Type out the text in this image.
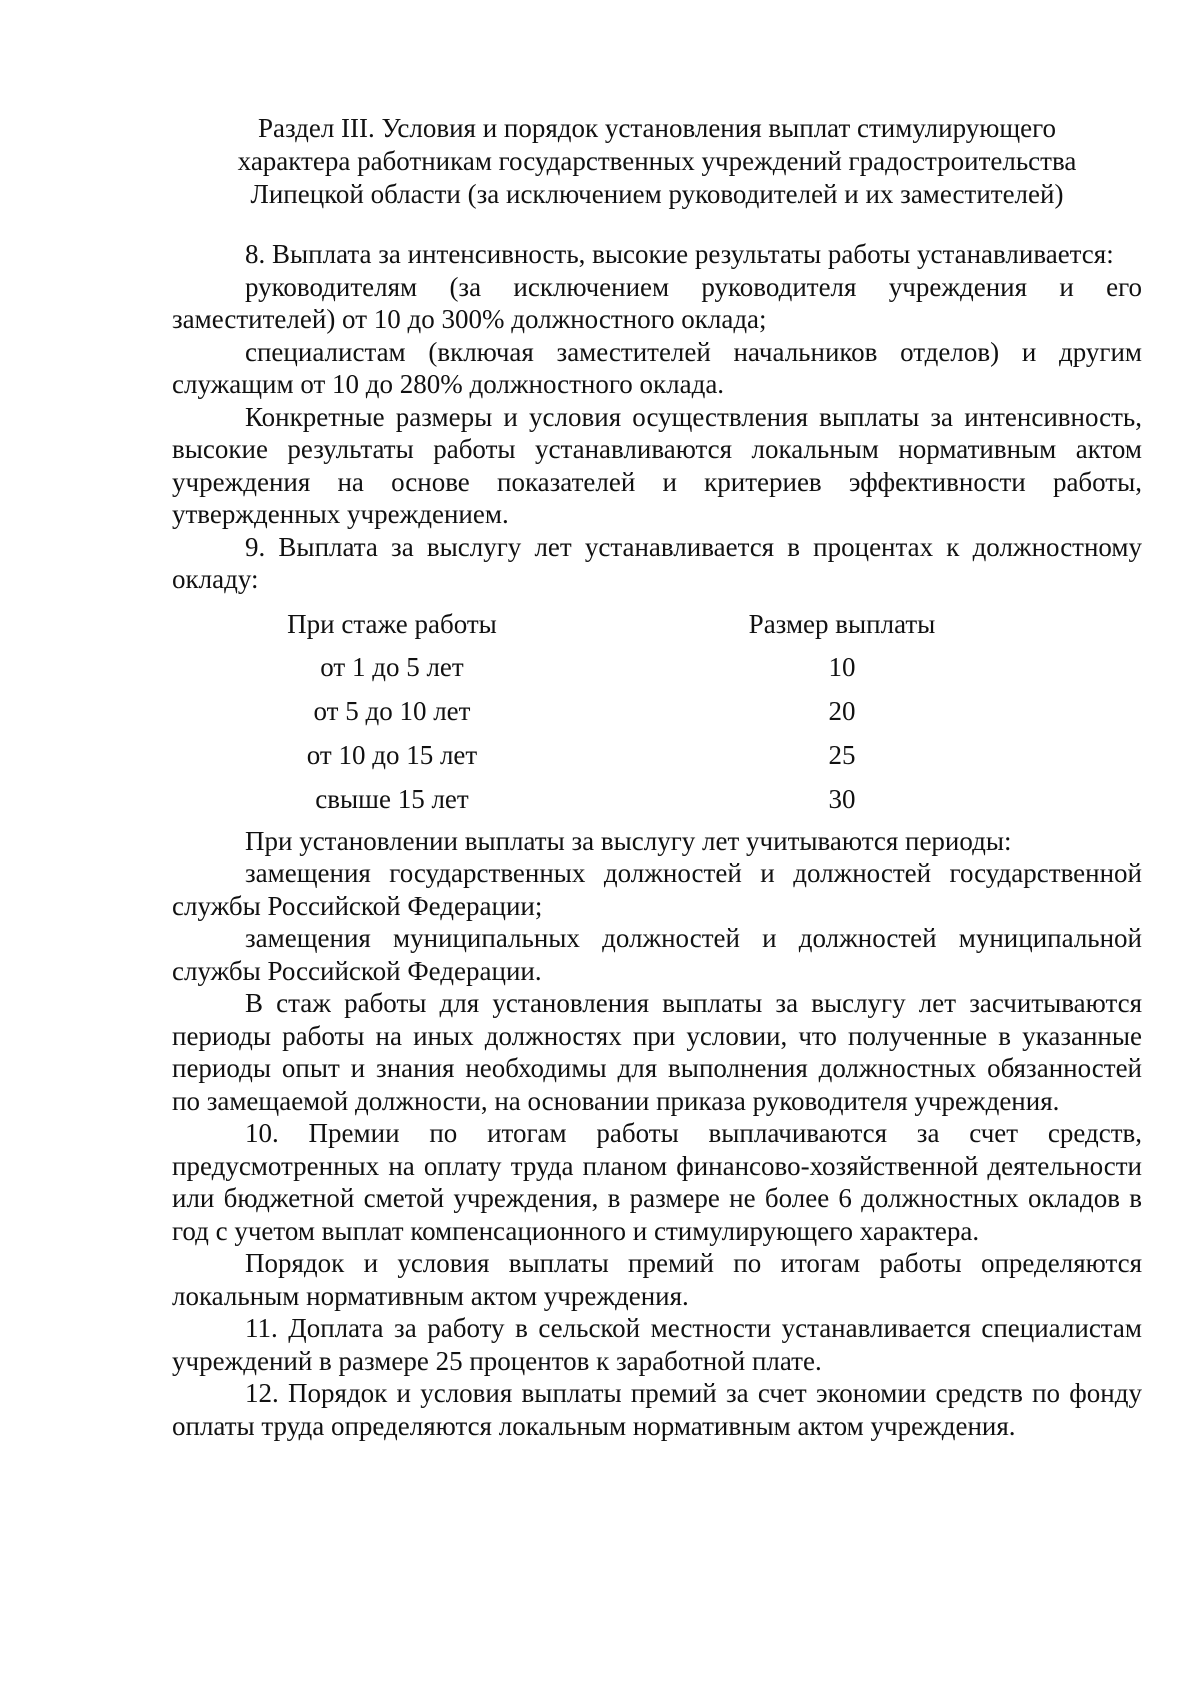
Раздел III. Условия и порядок установления выплат стимулирующего
характера работникам государственных учреждений градостроительства
Липецкой области (за исключением руководителей и их заместителей)

8. Выплата за интенсивность, высокие результаты работы устанавливается:

руководителям (за исключением руководителя учреждения и его заместителей) от 10 до 300% должностного оклада;

специалистам (включая заместителей начальников отделов) и другим служащим от 10 до 280% должностного оклада.

Конкретные размеры и условия осуществления выплаты за интенсивность, высокие результаты работы устанавливаются локальным нормативным актом учреждения на основе показателей и критериев эффективности работы, утвержденных учреждением.

9. Выплата за выслугу лет устанавливается в процентах к должностному окладу:

При стаже работы	Размер выплаты
от 1 до 5 лет	10
от 5 до 10 лет	20
от 10 до 15 лет	25
свыше 15 лет	30

При установлении выплаты за выслугу лет учитываются периоды:

замещения государственных должностей и должностей государственной службы Российской Федерации;

замещения муниципальных должностей и должностей муниципальной службы Российской Федерации.

В стаж работы для установления выплаты за выслугу лет засчитываются периоды работы на иных должностях при условии, что полученные в указанные периоды опыт и знания необходимы для выполнения должностных обязанностей по замещаемой должности, на основании приказа руководителя учреждения.

10. Премии по итогам работы выплачиваются за счет средств, предусмотренных на оплату труда планом финансово-хозяйственной деятельности или бюджетной сметой учреждения, в размере не более 6 должностных окладов в год с учетом выплат компенсационного и стимулирующего характера.

Порядок и условия выплаты премий по итогам работы определяются локальным нормативным актом учреждения.

11. Доплата за работу в сельской местности устанавливается специалистам учреждений в размере 25 процентов к заработной плате.

12. Порядок и условия выплаты премий за счет экономии средств по фонду оплаты труда определяются локальным нормативным актом учреждения.
